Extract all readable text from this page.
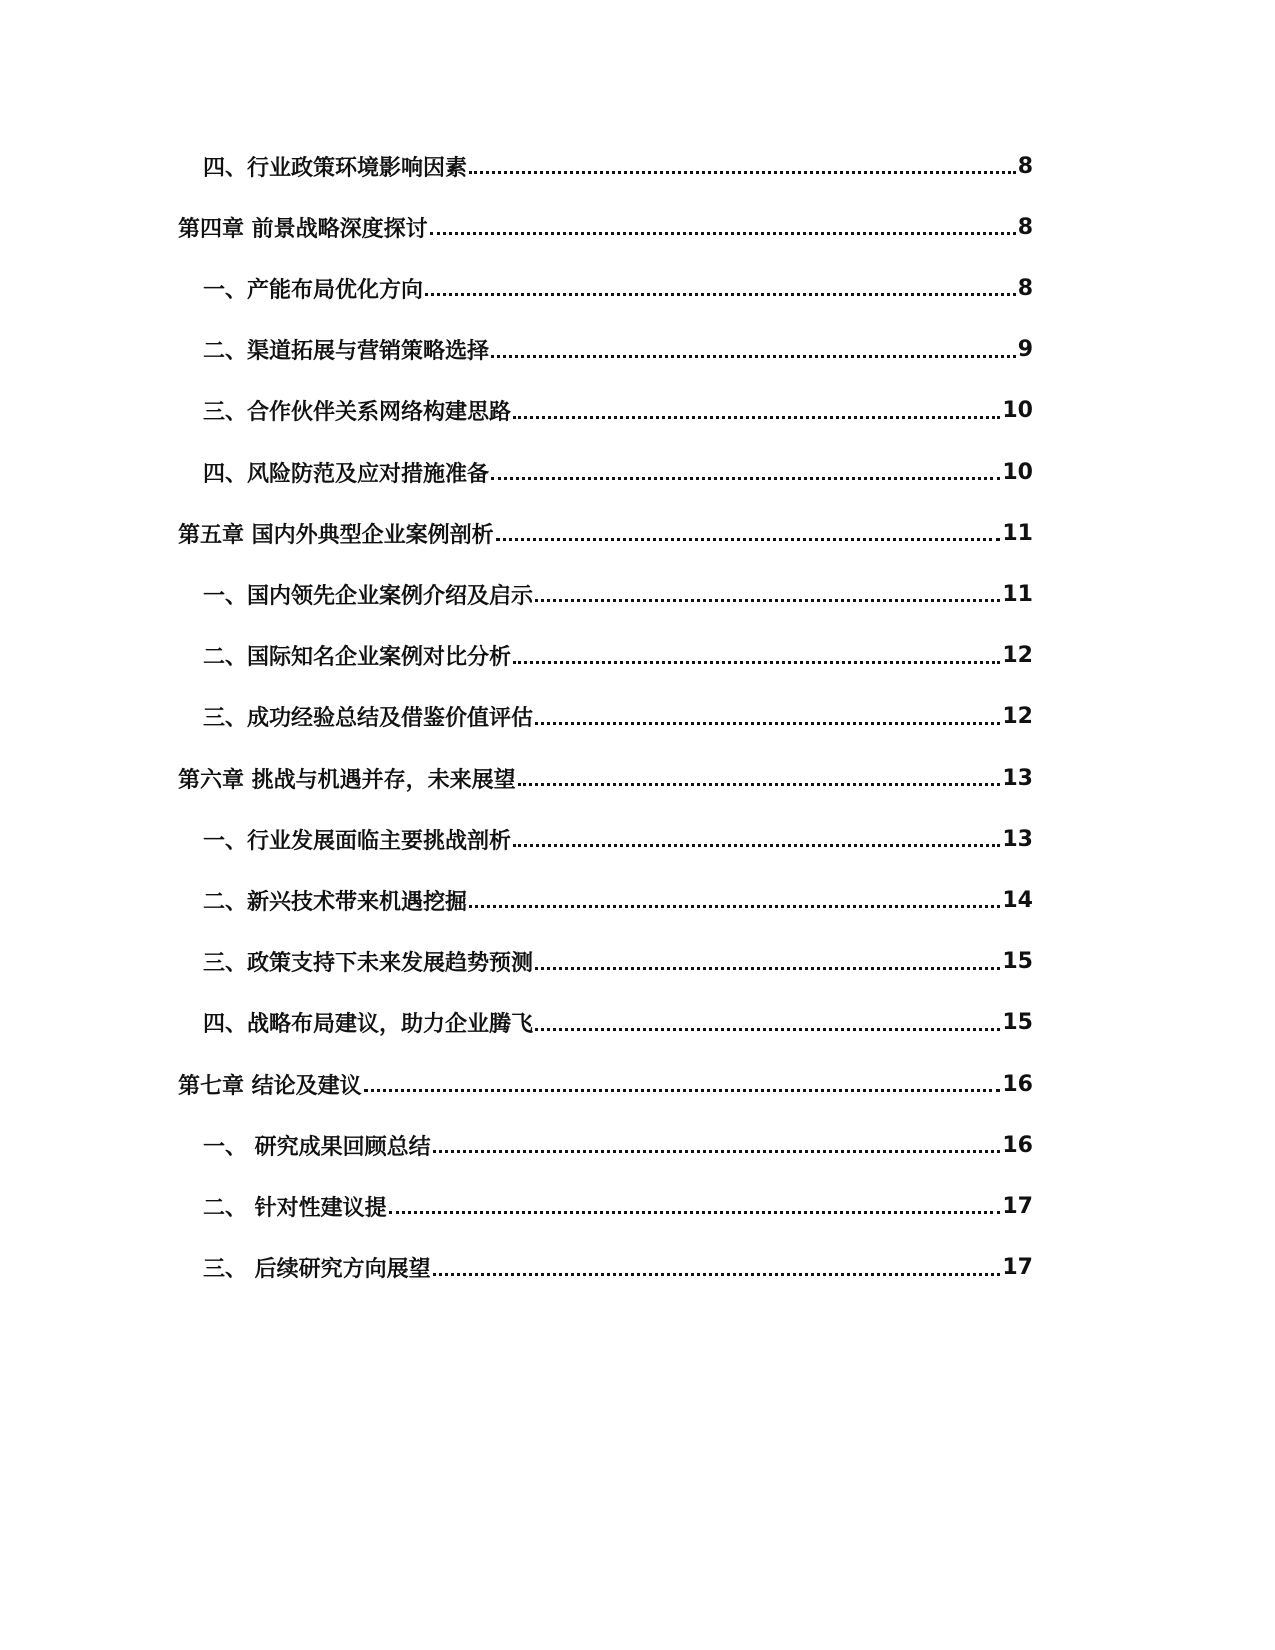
四、行业政策环境影响因素	8
第四章 前景战略深度探讨	8
一、产能布局优化方向	8
二、渠道拓展与营销策略选择	9
三、合作伙伴关系网络构建思路	10
四、风险防范及应对措施准备	10
第五章 国内外典型企业案例剖析	11
一、国内领先企业案例介绍及启示	11
二、国际知名企业案例对比分析	12
三、成功经验总结及借鉴价值评估	12
第六章 挑战与机遇并存，未来展望	13
一、行业发展面临主要挑战剖析	13
二、新兴技术带来机遇挖掘	14
三、政策支持下未来发展趋势预测	15
四、战略布局建议，助力企业腾飞	15
第七章 结论及建议	16
一、 研究成果回顾总结	16
二、 针对性建议提	17
三、 后续研究方向展望	17
